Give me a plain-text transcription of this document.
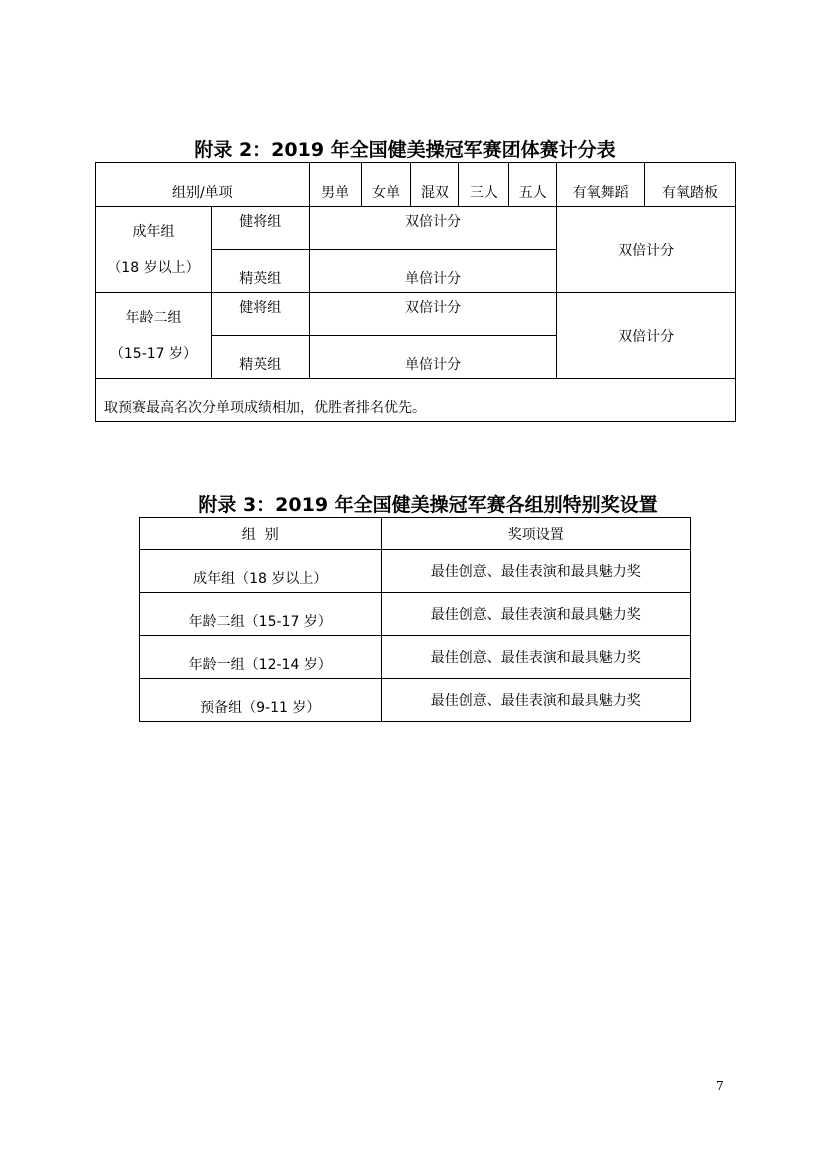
附录 2：2019 年全国健美操冠军赛团体赛计分表
组别/单项		男单	女单	混双	三人	五人	有氧舞蹈	有氧踏板

成年组
（18 岁以上）	健将组	双倍计分					双倍计分	
	精英组	单倍计分						

年龄二组
（15-17 岁）	健将组	双倍计分					双倍计分	
	精英组	单倍计分						
取预赛最高名次分单项成绩相加，优胜者排名优先。								
附录 3：2019 年全国健美操冠军赛各组别特别奖设置
组  别	奖项设置
成年组（18 岁以上）	最佳创意、最佳表演和最具魅力奖
年龄二组（15-17 岁）	最佳创意、最佳表演和最具魅力奖
年龄一组（12-14 岁）	最佳创意、最佳表演和最具魅力奖
预备组（9-11 岁）	最佳创意、最佳表演和最具魅力奖
7
